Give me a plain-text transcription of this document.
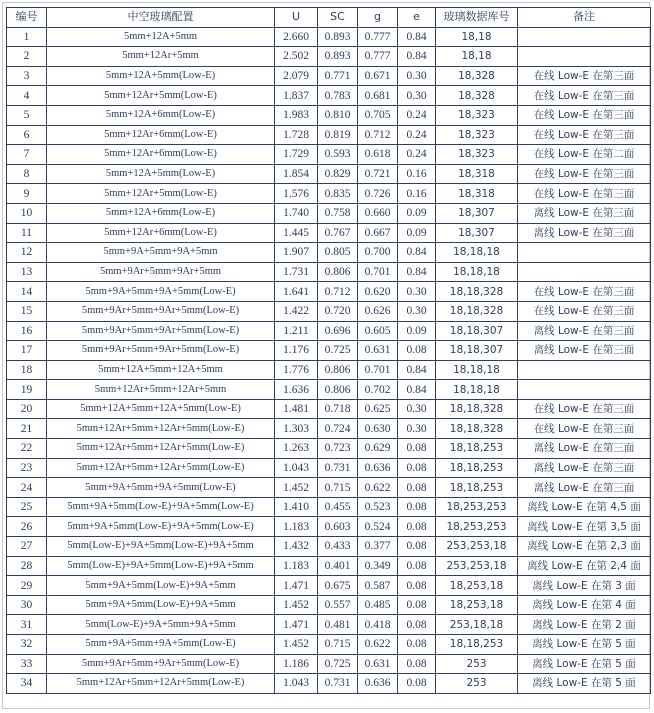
编号	中空玻璃配置	U	SC	g	e	玻璃数据库号	备注
1	5mm+12A+5mm	2.660	0.893	0.777	0.84	18,18	
2	5mm+12Ar+5mm	2.502	0.893	0.777	0.84	18,18	
3	5mm+12A+5mm(Low-E)	2.079	0.771	0.671	0.30	18,328	在线 Low-E 在第三面
4	5mm+12Ar+5mm(Low-E)	1.837	0.783	0.681	0.30	18,328	在线 Low-E 在第三面
5	5mm+12A+6mm(Low-E)	1.983	0.810	0.705	0.24	18,323	在线 Low-E 在第三面
6	5mm+12Ar+6mm(Low-E)	1.728	0.819	0.712	0.24	18,323	在线 Low-E 在第三面
7	5mm+12Ar+6mm(Low-E)	1.729	0.593	0.618	0.24	18,323	在线 Low-E 在第二面
8	5mm+12A+5mm(Low-E)	1.854	0.829	0.721	0.16	18,318	在线 Low-E 在第三面
9	5mm+12Ar+5mm(Low-E)	1.576	0.835	0.726	0.16	18,318	在线 Low-E 在第三面
10	5mm+12A+6mm(Low-E)	1.740	0.758	0.660	0.09	18,307	离线 Low-E 在第三面
11	5mm+12Ar+6mm(Low-E)	1.445	0.767	0.667	0.09	18,307	离线 Low-E 在第三面
12	5mm+9A+5mm+9A+5mm	1.907	0.805	0.700	0.84	18,18,18	
13	5mm+9Ar+5mm+9Ar+5mm	1.731	0.806	0.701	0.84	18,18,18	
14	5mm+9A+5mm+9A+5mm(Low-E)	1.641	0.712	0.620	0.30	18,18,328	在线 Low-E 在第三面
15	5mm+9Ar+5mm+9Ar+5mm(Low-E)	1.422	0.720	0.626	0.30	18,18,328	在线 Low-E 在第三面
16	5mm+9Ar+5mm+9Ar+5mm(Low-E)	1.211	0.696	0.605	0.09	18,18,307	离线 Low-E 在第三面
17	5mm+9Ar+5mm+9Ar+5mm(Low-E)	1.176	0.725	0.631	0.08	18,18,307	离线 Low-E 在第三面
18	5mm+12A+5mm+12A+5mm	1.776	0.806	0.701	0.84	18,18,18	
19	5mm+12Ar+5mm+12Ar+5mm	1.636	0.806	0.702	0.84	18,18,18	
20	5mm+12A+5mm+12A+5mm(Low-E)	1.481	0.718	0.625	0.30	18,18,328	在线 Low-E 在第三面
21	5mm+12Ar+5mm+12Ar+5mm(Low-E)	1.303	0.724	0.630	0.30	18,18,328	在线 Low-E 在第三面
22	5mm+12Ar+5mm+12Ar+5mm(Low-E)	1.263	0.723	0.629	0.08	18,18,253	离线 Low-E 在第三面
23	5mm+12Ar+5mm+12Ar+5mm(Low-E)	1.043	0.731	0.636	0.08	18,18,253	离线 Low-E 在第三面
24	5mm+9A+5mm+9A+5mm(Low-E)	1.452	0.715	0.622	0.08	18,18,253	离线 Low-E 在第三面
25	5mm+9A+5mm(Low-E)+9A+5mm(Low-E)	1.410	0.455	0.523	0.08	18,253,253	离线 Low-E 在第 4,5 面
26	5mm+9A+5mm(Low-E)+9A+5mm(Low-E)	1.183	0.603	0.524	0.08	18,253,253	离线 Low-E 在第 3,5 面
27	5mm(Low-E)+9A+5mm(Low-E)+9A+5mm	1.432	0.433	0.377	0.08	253,253,18	离线 Low-E 在第 2,3 面
28	5mm(Low-E)+9A+5mm(Low-E)+9A+5mm	1.183	0.401	0.349	0.08	253,253,18	离线 Low-E 在第 2,4 面
29	5mm+9A+5mm(Low-E)+9A+5mm	1.471	0.675	0.587	0.08	18,253,18	离线 Low-E 在第 3 面
30	5mm+9A+5mm(Low-E)+9A+5mm	1.452	0.557	0.485	0.08	18,253,18	离线 Low-E 在第 4 面
31	5mm(Low-E)+9A+5mm+9A+5mm	1.471	0.481	0.418	0.08	253,18,18	离线 Low-E 在第 2 面
32	5mm+9A+5mm+9A+5mm(Low-E)	1.452	0.715	0.622	0.08	18,18,253	离线 Low-E 在第 5 面
33	5mm+9Ar+5mm+9Ar+5mm(Low-E)	1.186	0.725	0.631	0.08	253	离线 Low-E 在第 5 面
34	5mm+12Ar+5mm+12Ar+5mm(Low-E)	1.043	0.731	0.636	0.08	253	离线 Low-E 在第 5 面
